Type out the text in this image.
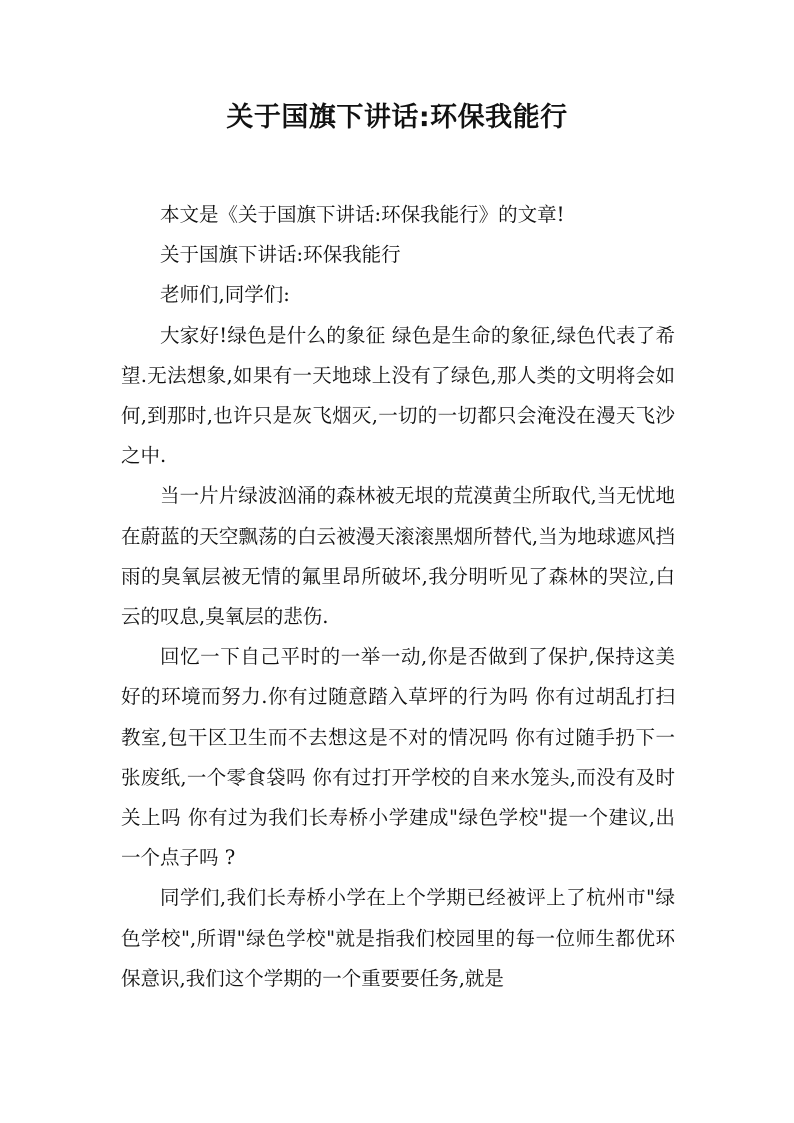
关于国旗下讲话:环保我能行

本文是《关于国旗下讲话:环保我能行》的文章!

关于国旗下讲话:环保我能行

老师们,同学们:

大家好!绿色是什么的象征 绿色是生命的象征,绿色代表了希望.无法想象,如果有一天地球上没有了绿色,那人类的文明将会如何,到那时,也许只是灰飞烟灭,一切的一切都只会淹没在漫天飞沙之中.

当一片片绿波汹涌的森林被无垠的荒漠黄尘所取代,当无忧地在蔚蓝的天空飘荡的白云被漫天滚滚黑烟所替代,当为地球遮风挡雨的臭氧层被无情的氟里昂所破坏,我分明听见了森林的哭泣,白云的叹息,臭氧层的悲伤.

回忆一下自己平时的一举一动,你是否做到了保护,保持这美好的环境而努力.你有过随意踏入草坪的行为吗 你有过胡乱打扫教室,包干区卫生而不去想这是不对的情况吗 你有过随手扔下一张废纸,一个零食袋吗 你有过打开学校的自来水笼头,而没有及时关上吗 你有过为我们长寿桥小学建成"绿色学校"提一个建议,出一个点子吗 ?

同学们,我们长寿桥小学在上个学期已经被评上了杭州市"绿色学校",所谓"绿色学校"就是指我们校园里的每一位师生都优环保意识,我们这个学期的一个重要要任务,就是
